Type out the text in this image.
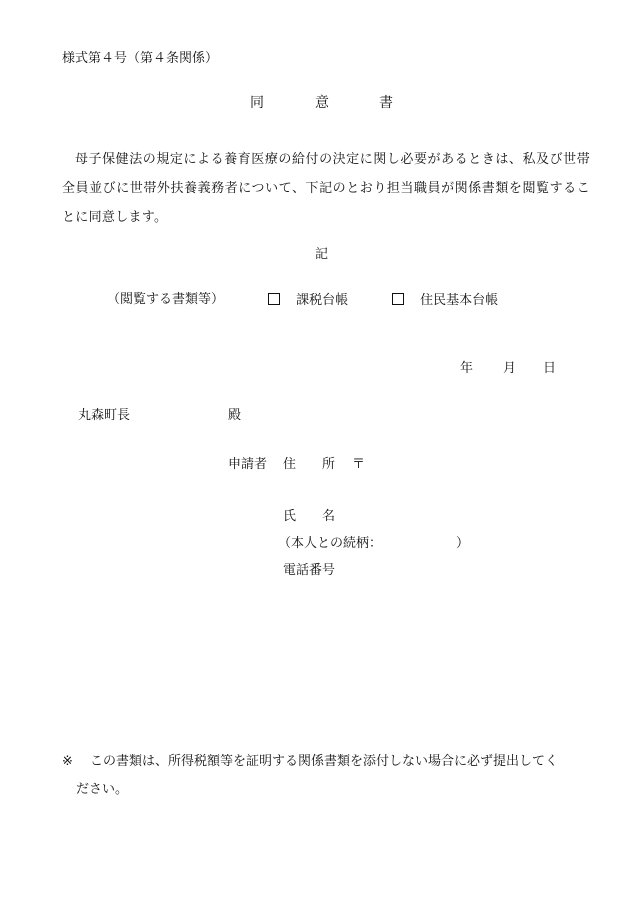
様式第４号（第４条関係）
同	意	書
母子保健法の規定による養育医療の給付の決定に関し必要があるときは、私及び世帯全員並びに世帯外扶養義務者について、下記のとおり担当職員が関係書類を閲覧することに同意します。
記
（閲覧する書類等）	課税台帳	住民基本台帳
年 月 日
丸森町長	殿
申請者 住　　所 〒
氏　　名
（本人との続柄：	）
電話番号
※	この書類は、所得税額等を証明する関係書類を添付しない場合に必ず提出してく
ださい。
